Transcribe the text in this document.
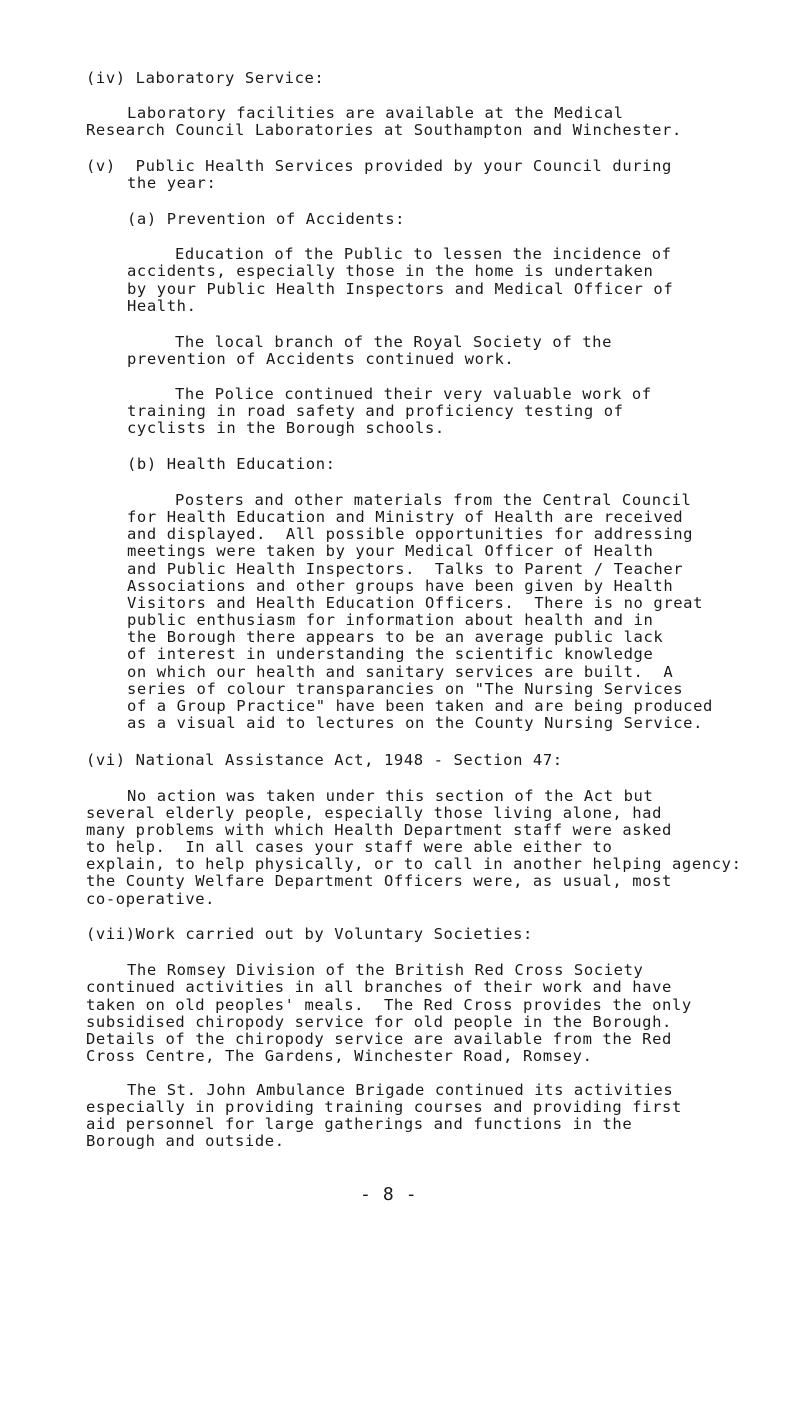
(iv) Laboratory Service:
Laboratory facilities are available at the Medical
Research Council Laboratories at Southampton and Winchester.
(v)  Public Health Services provided by your Council during
the year:
(a) Prevention of Accidents:
Education of the Public to lessen the incidence of
accidents, especially those in the home is undertaken
by your Public Health Inspectors and Medical Officer of
Health.
The local branch of the Royal Society of the
prevention of Accidents continued work.
The Police continued their very valuable work of
training in road safety and proficiency testing of
cyclists in the Borough schools.
(b) Health Education:
Posters and other materials from the Central Council
for Health Education and Ministry of Health are received
and displayed.  All possible opportunities for addressing
meetings were taken by your Medical Officer of Health
and Public Health Inspectors.  Talks to Parent / Teacher
Associations and other groups have been given by Health
Visitors and Health Education Officers.  There is no great
public enthusiasm for information about health and in
the Borough there appears to be an average public lack
of interest in understanding the scientific knowledge
on which our health and sanitary services are built.  A
series of colour transparancies on "The Nursing Services
of a Group Practice" have been taken and are being produced
as a visual aid to lectures on the County Nursing Service.
(vi) National Assistance Act, 1948 - Section 47:
No action was taken under this section of the Act but
several elderly people, especially those living alone, had
many problems with which Health Department staff were asked
to help.  In all cases your staff were able either to
explain, to help physically, or to call in another helping agency:
the County Welfare Department Officers were, as usual, most
co-operative.
(vii)Work carried out by Voluntary Societies:
The Romsey Division of the British Red Cross Society
continued activities in all branches of their work and have
taken on old peoples' meals.  The Red Cross provides the only
subsidised chiropody service for old people in the Borough.
Details of the chiropody service are available from the Red
Cross Centre, The Gardens, Winchester Road, Romsey.
The St. John Ambulance Brigade continued its activities
especially in providing training courses and providing first
aid personnel for large gatherings and functions in the
Borough and outside.
- 8 -
